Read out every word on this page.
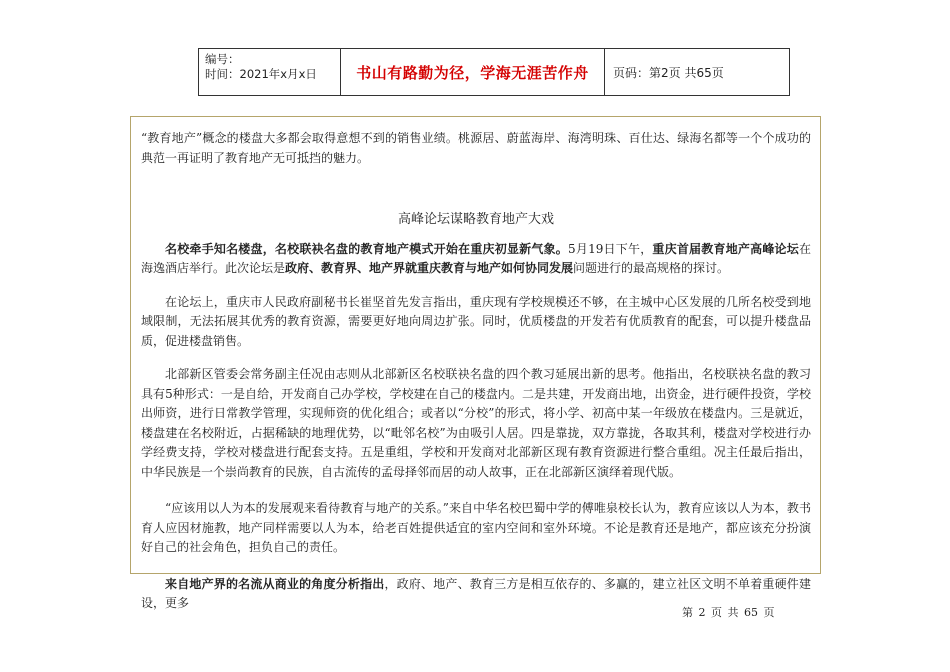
编号：
时间：2021年x月x日	书山有路勤为径，学海无涯苦作舟	页码：第2页 共65页

“教育地产”概念的楼盘大多都会取得意想不到的销售业绩。桃源居、蔚蓝海岸、海湾明珠、百仕达、绿海名都等一个个成功的典范一再证明了教育地产无可抵挡的魅力。

高峰论坛谋略教育地产大戏

名校牵手知名楼盘，名校联袂名盘的教育地产模式开始在重庆初显新气象。5月19日下午，重庆首届教育地产高峰论坛在海逸酒店举行。此次论坛是政府、教育界、地产界就重庆教育与地产如何协同发展问题进行的最高规格的探讨。

在论坛上，重庆市人民政府副秘书长崔坚首先发言指出，重庆现有学校规模还不够，在主城中心区发展的几所名校受到地域限制，无法拓展其优秀的教育资源，需要更好地向周边扩张。同时，优质楼盘的开发若有优质教育的配套，可以提升楼盘品质，促进楼盘销售。

北部新区管委会常务副主任况由志则从北部新区名校联袂名盘的四个教习延展出新的思考。他指出，名校联袂名盘的教习具有5种形式：一是自给，开发商自己办学校，学校建在自己的楼盘内。二是共建，开发商出地，出资金，进行硬件投资，学校出师资，进行日常教学管理，实现师资的优化组合；或者以“分校”的形式，将小学、初高中某一年级放在楼盘内。三是就近，楼盘建在名校附近，占据稀缺的地理优势，以“毗邻名校”为由吸引人居。四是靠拢，双方靠拢，各取其利，楼盘对学校进行办学经费支持，学校对楼盘进行配套支持。五是重组，学校和开发商对北部新区现有教育资源进行整合重组。况主任最后指出，中华民族是一个崇尚教育的民族，自古流传的孟母择邻而居的动人故事，正在北部新区演绎着现代版。

“应该用以人为本的发展观来看待教育与地产的关系。”来自中华名校巴蜀中学的傅唯泉校长认为，教育应该以人为本，教书育人应因材施教，地产同样需要以人为本，给老百姓提供适宜的室内空间和室外环境。不论是教育还是地产，都应该充分扮演好自己的社会角色，担负自己的责任。

来自地产界的名流从商业的角度分析指出，政府、地产、教育三方是相互依存的、多赢的，建立社区文明不单着重硬件建设，更多

第 2 页 共 65 页
